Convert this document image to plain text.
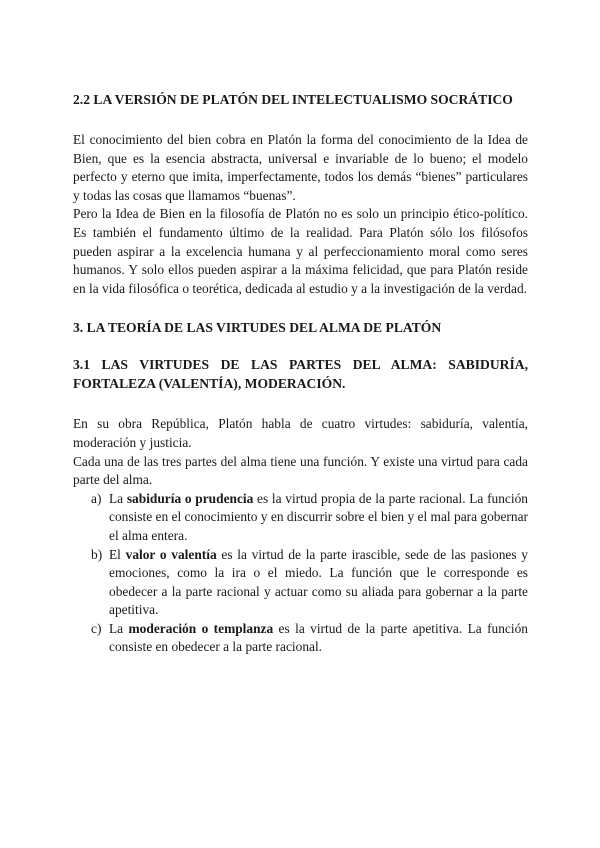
2.2 LA VERSIÓN DE PLATÓN DEL INTELECTUALISMO SOCRÁTICO

El conocimiento del bien cobra en Platón la forma del conocimiento de la Idea de Bien, que es la esencia abstracta, universal e invariable de lo bueno; el modelo perfecto y eterno que imita, imperfectamente, todos los demás “bienes” particulares y todas las cosas que llamamos “buenas”.

Pero la Idea de Bien en la filosofía de Platón no es solo un principio ético-político. Es también el fundamento último de la realidad. Para Platón sólo los filósofos pueden aspirar a la excelencia humana y al perfeccionamiento moral como seres humanos. Y solo ellos pueden aspirar a la máxima felicidad, que para Platón reside en la vida filosófica o teorética, dedicada al estudio y a la investigación de la verdad.

3. LA TEORÍA DE LAS VIRTUDES DEL ALMA DE PLATÓN
3.1 LAS VIRTUDES DE LAS PARTES DEL ALMA: SABIDURÍA, FORTALEZA (VALENTÍA), MODERACIÓN.

En su obra República, Platón habla de cuatro virtudes: sabiduría, valentía, moderación y justicia.

Cada una de las tres partes del alma tiene una función. Y existe una virtud para cada parte del alma.

a) La sabiduría o prudencia es la virtud propia de la parte racional. La función consiste en el conocimiento y en discurrir sobre el bien y el mal para gobernar el alma entera.
b) El valor o valentía es la virtud de la parte irascible, sede de las pasiones y emociones, como la ira o el miedo. La función que le corresponde es obedecer a la parte racional y actuar como su aliada para gobernar a la parte apetitiva.
c) La moderación o templanza es la virtud de la parte apetitiva. La función consiste en obedecer a la parte racional.
